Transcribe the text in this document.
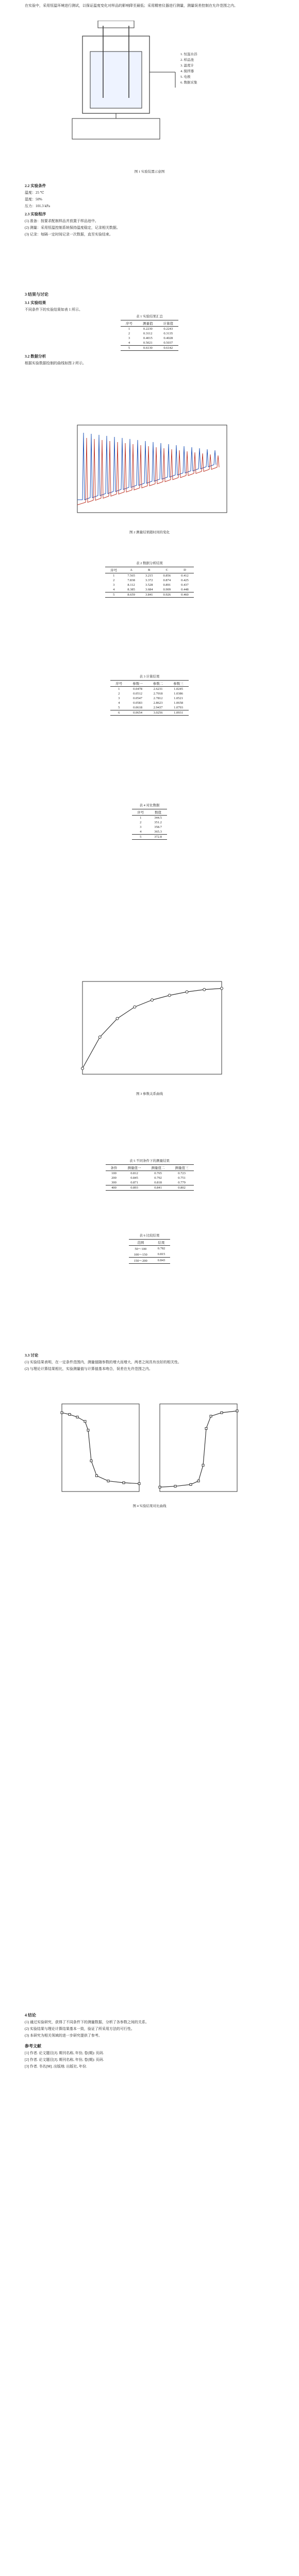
在实验中，采用恒温环境进行测试，以保证温度变化对样品的影响降至最低；采用精密仪器进行测量，测量误差控制在允许范围之内。

1. 恒温水浴
2. 样品池
3. 温度计
4. 搅拌器
5. 电极
6. 数据采集
图 1 实验装置示意图
2.2 实验条件

温度：25 ℃

湿度：50%

压力：101.3 kPa

2.3 实验程序

(1) 准备：按要求配制样品并放置于样品池中。

(2) 测量：采用恒温控制系统保持温度稳定，记录相关数据。

(3) 记录：每隔一定时间记录一次数据，直至实验结束。

3 结果与讨论
3.1 实验结果

不同条件下的实验结果如表 1 所示。

表 1 实验结果汇总
序号	测量值	计算值
1	0.2230	0.2243
2	0.3112	0.3135
3	0.4015	0.4028
4	0.5021	0.5037
5	0.6130	0.6142
3.2 数据分析

根据实验数据绘制的曲线如图 2 所示。

图 2 测量结果随时间的变化
表 2 数据分析结果
序号	A	B	C	D
1	7.565	3.215	0.856	0.412
2	7.838	3.372	0.874	0.425
3	8.112	3.528	0.891	0.437
4	8.385	3.684	0.909	0.448
5	8.659	3.841	0.926	0.460
表 3 计算结果
序号	参数一	参数二	参数三
1	0.0478	2.6231	1.0245
2	0.0512	2.7018	1.0386
3	0.0547	2.7812	1.0521
4	0.0583	2.8623	1.0658
5	0.0618	2.9437	1.0793
6	0.0654	3.0256	1.0931
表 4 对比数据
序号	数值
1	344.5
2	351.2
3	358.7
4	365.3
5	372.8
图 3 参数关系曲线
表 5 不同条件下的测量结果
条件	测量值一	测量值二	测量值三
100	0.812	0.765	0.723
200	0.845	0.792	0.751
300	0.871	0.818	0.779
400	0.893	0.841	0.802
表 6 比较结果
范围	结果
50～100	0.782
100～150	0.815
150～200	0.843
3.3 讨论

(1) 实验结果表明，在一定条件范围内，测量值随参数的增大而增大，两者之间具有良好的相关性。

(2) 与理论计算结果相比，实验测量值与计算值基本吻合，误差在允许范围之内。

图 4 实验结果对比曲线
4 结论

(1) 通过实验研究，获得了不同条件下的测量数据，分析了各参数之间的关系。

(2) 实验结果与理论计算结果基本一致，验证了所采用方法的可行性。

(3) 本研究为相关领域的进一步研究提供了参考。

参考文献

[1] 作者. 论文题目[J]. 期刊名称, 年份, 卷(期): 页码.

[2] 作者. 论文题目[J]. 期刊名称, 年份, 卷(期): 页码.

[3] 作者. 书名[M]. 出版地: 出版社, 年份.
